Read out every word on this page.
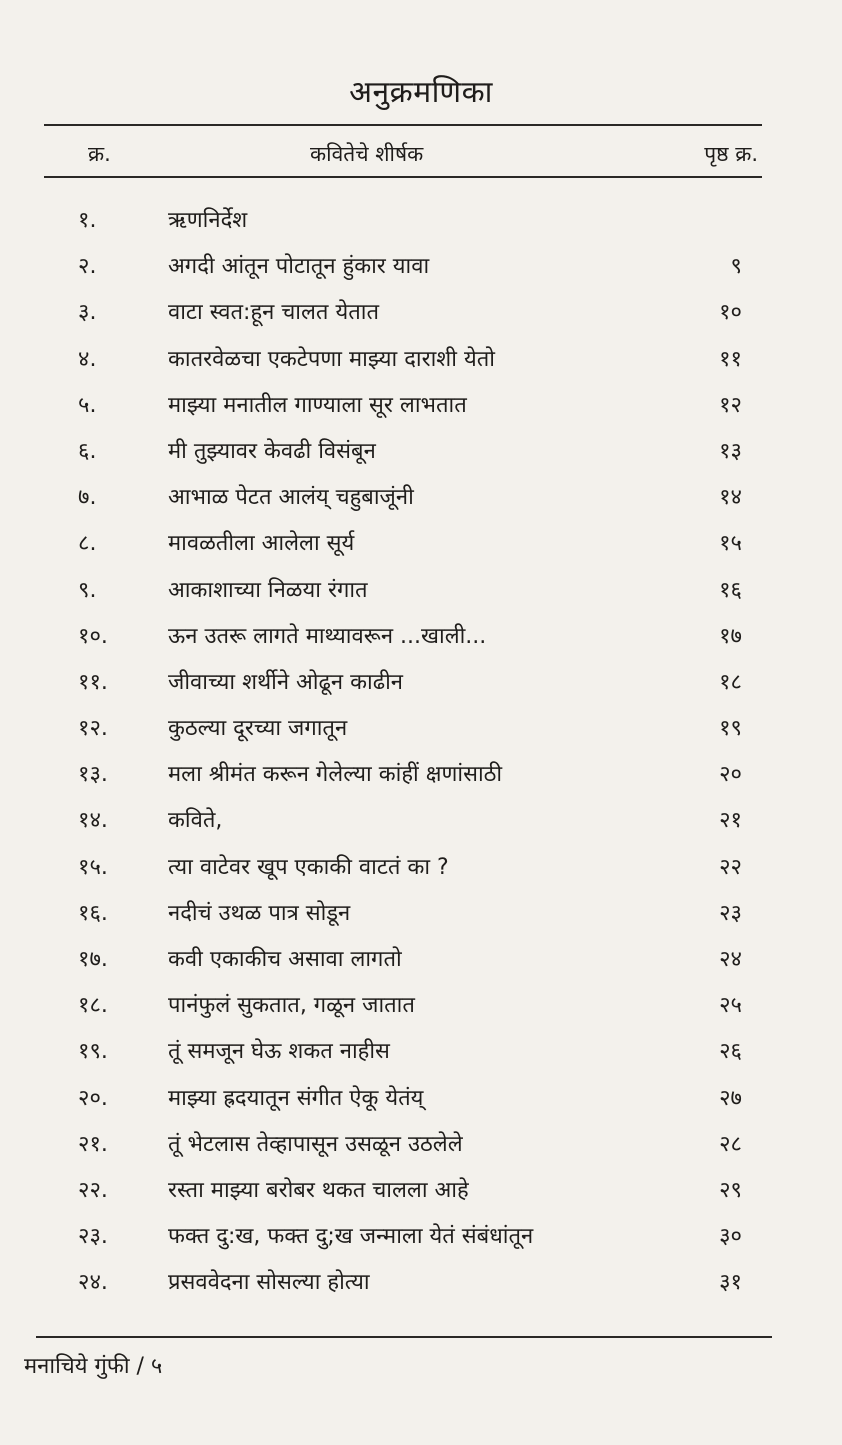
अनुक्रमणिका
क्र.	कवितेचे शीर्षक	पृष्ठ क्र.
१.	ऋणनिर्देश
२.	अगदी आंतून पोटातून हुंकार यावा	९
३.	वाटा स्वत:हून चालत येतात	१०
४.	कातरवेळचा एकटेपणा माझ्या दाराशी येतो	११
५.	माझ्या मनातील गाण्याला सूर लाभतात	१२
६.	मी तुझ्यावर केवढी विसंबून	१३
७.	आभाळ पेटत आलंय् चहुबाजूंनी	१४
८.	मावळतीला आलेला सूर्य	१५
९.	आकाशाच्या निळया रंगात	१६
१०.	ऊन उतरू लागते माथ्यावरून ...खाली...	१७
११.	जीवाच्या शर्थीने ओढून काढीन	१८
१२.	कुठल्या दूरच्या जगातून	१९
१३.	मला श्रीमंत करून गेलेल्या कांहीं क्षणांसाठी	२०
१४.	कविते,	२१
१५.	त्या वाटेवर खूप एकाकी वाटतं का ?	२२
१६.	नदीचं उथळ पात्र सोडून	२३
१७.	कवी एकाकीच असावा लागतो	२४
१८.	पानंफुलं सुकतात, गळून जातात	२५
१९.	तूं समजून घेऊ शकत नाहीस	२६
२०.	माझ्या ह्रदयातून संगीत ऐकू येतंय्	२७
२१.	तूं भेटलास तेव्हापासून उसळून उठलेले	२८
२२.	रस्ता माझ्या बरोबर थकत चालला आहे	२९
२३.	फक्त दु:ख, फक्त दु;ख जन्माला येतं संबंधांतून	३०
२४.	प्रसववेदना सोसल्या होत्या	३१
मनाचिये गुंफी / ५
